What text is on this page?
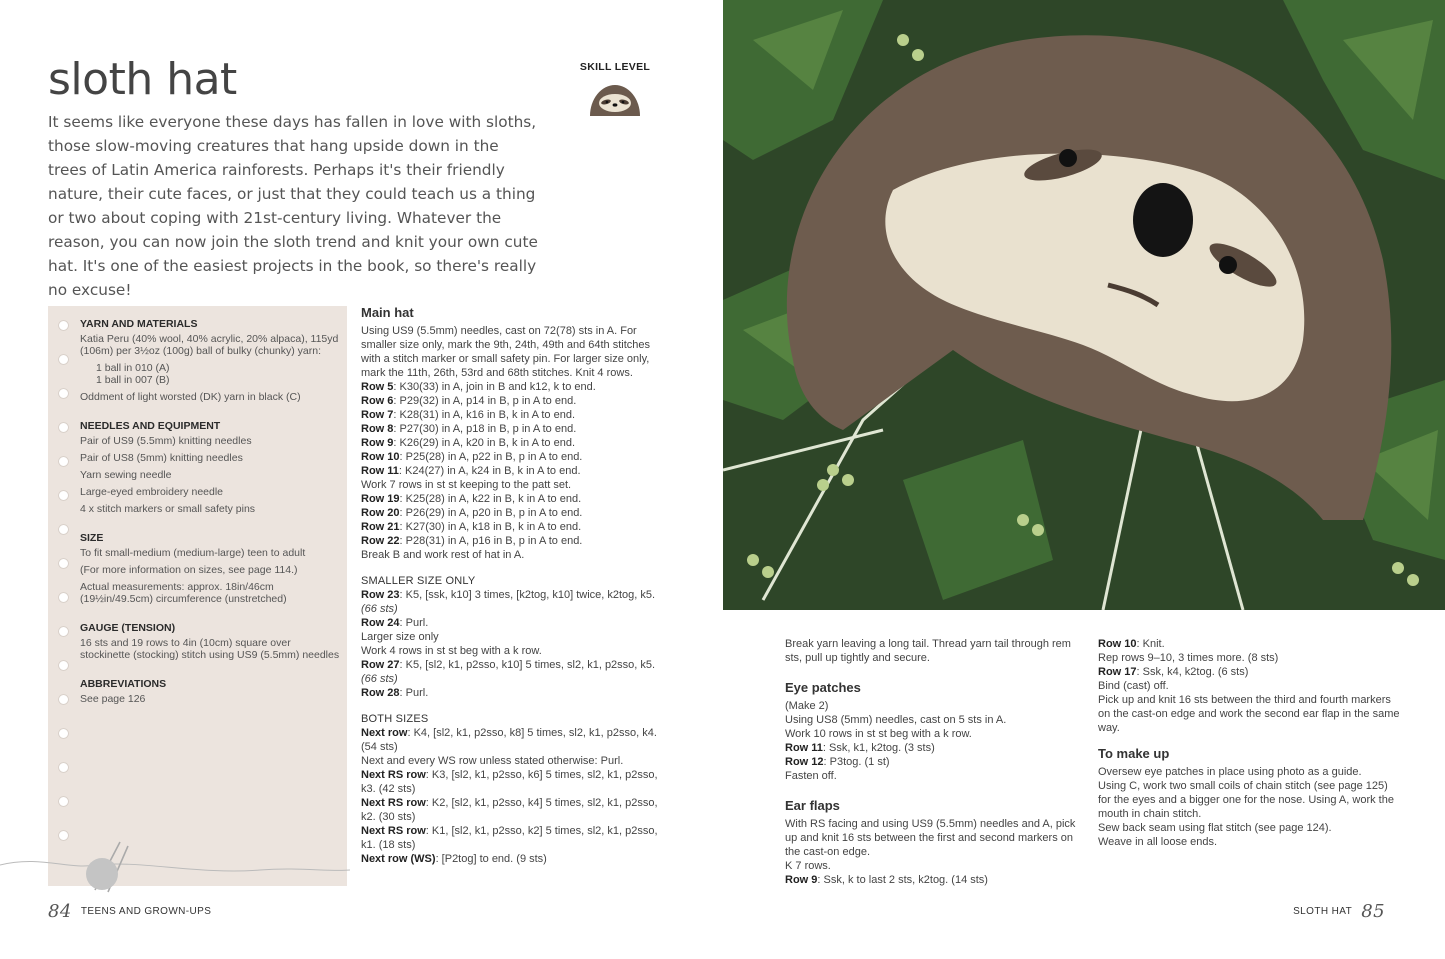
sloth hat

It seems like everyone these days has fallen in love with sloths, those slow-moving creatures that hang upside down in the trees of Latin America rainforests. Perhaps it's their friendly nature, their cute faces, or just that they could teach us a thing or two about coping with 21st-century living. Whatever the reason, you can now join the sloth trend and knit your own cute hat. It's one of the easiest projects in the book, so there's really no excuse!

SKILL LEVEL
YARN AND MATERIALS
Katia Peru (40% wool, 40% acrylic, 20% alpaca), 115yd (106m) per 3½oz (100g) ball of bulky (chunky) yarn:
1 ball in 010 (A)
1 ball in 007 (B)
Oddment of light worsted (DK) yarn in black (C)
NEEDLES AND EQUIPMENT
Pair of US9 (5.5mm) knitting needles
Pair of US8 (5mm) knitting needles
Yarn sewing needle
Large-eyed embroidery needle
4 x stitch markers or small safety pins
SIZE
To fit small-medium (medium-large) teen to adult
(For more information on sizes, see page 114.)
Actual measurements: approx. 18in/46cm (19½in/49.5cm) circumference (unstretched)
GAUGE (TENSION)
16 sts and 19 rows to 4in (10cm) square over stockinette (stocking) stitch using US9 (5.5mm) needles
ABBREVIATIONS
See page 126
Main hat

Using US9 (5.5mm) needles, cast on 72(78) sts in A. For smaller size only, mark the 9th, 24th, 49th and 64th stitches with a stitch marker or small safety pin. For larger size only, mark the 11th, 26th, 53rd and 68th stitches. Knit 4 rows.

Row 5: K30(33) in A, join in B and k12, k to end.

Row 6: P29(32) in A, p14 in B, p in A to end.

Row 7: K28(31) in A, k16 in B, k in A to end.

Row 8: P27(30) in A, p18 in B, p in A to end.

Row 9: K26(29) in A, k20 in B, k in A to end.

Row 10: P25(28) in A, p22 in B, p in A to end.

Row 11: K24(27) in A, k24 in B, k in A to end.

Work 7 rows in st st keeping to the patt set.

Row 19: K25(28) in A, k22 in B, k in A to end.

Row 20: P26(29) in A, p20 in B, p in A to end.

Row 21: K27(30) in A, k18 in B, k in A to end.

Row 22: P28(31) in A, p16 in B, p in A to end.

Break B and work rest of hat in A.

SMALLER SIZE ONLY

Row 23: K5, [ssk, k10] 3 times, [k2tog, k10] twice, k2tog, k5. (66 sts)

Row 24: Purl.

Larger size only

Work 4 rows in st st beg with a k row.

Row 27: K5, [sl2, k1, p2sso, k10] 5 times, sl2, k1, p2sso, k5. (66 sts)

Row 28: Purl.

BOTH SIZES

Next row: K4, [sl2, k1, p2sso, k8] 5 times, sl2, k1, p2sso, k4. (54 sts)

Next and every WS row unless stated otherwise: Purl.

Next RS row: K3, [sl2, k1, p2sso, k6] 5 times, sl2, k1, p2sso, k3. (42 sts)

Next RS row: K2, [sl2, k1, p2sso, k4] 5 times, sl2, k1, p2sso, k2. (30 sts)

Next RS row: K1, [sl2, k1, p2sso, k2] 5 times, sl2, k1, p2sso, k1. (18 sts)

Next row (WS): [P2tog] to end. (9 sts)

Break yarn leaving a long tail. Thread yarn tail through rem sts, pull up tightly and secure.

Eye patches

(Make 2)

Using US8 (5mm) needles, cast on 5 sts in A.

Work 10 rows in st st beg with a k row.

Row 11: Ssk, k1, k2tog. (3 sts)

Row 12: P3tog. (1 st)

Fasten off.

Ear flaps

With RS facing and using US9 (5.5mm) needles and A, pick up and knit 16 sts between the first and second markers on the cast-on edge.

K 7 rows.

Row 9: Ssk, k to last 2 sts, k2tog. (14 sts)

Row 10: Knit.

Rep rows 9–10, 3 times more. (8 sts)

Row 17: Ssk, k4, k2tog. (6 sts)

Bind (cast) off.

Pick up and knit 16 sts between the third and fourth markers on the cast-on edge and work the second ear flap in the same way.

To make up

Oversew eye patches in place using photo as a guide.

Using C, work two small coils of chain stitch (see page 125) for the eyes and a bigger one for the nose. Using A, work the mouth in chain stitch.

Sew back seam using flat stitch (see page 124).

Weave in all loose ends.

84 TEENS AND GROWN-UPS	SLOTH HAT 85
